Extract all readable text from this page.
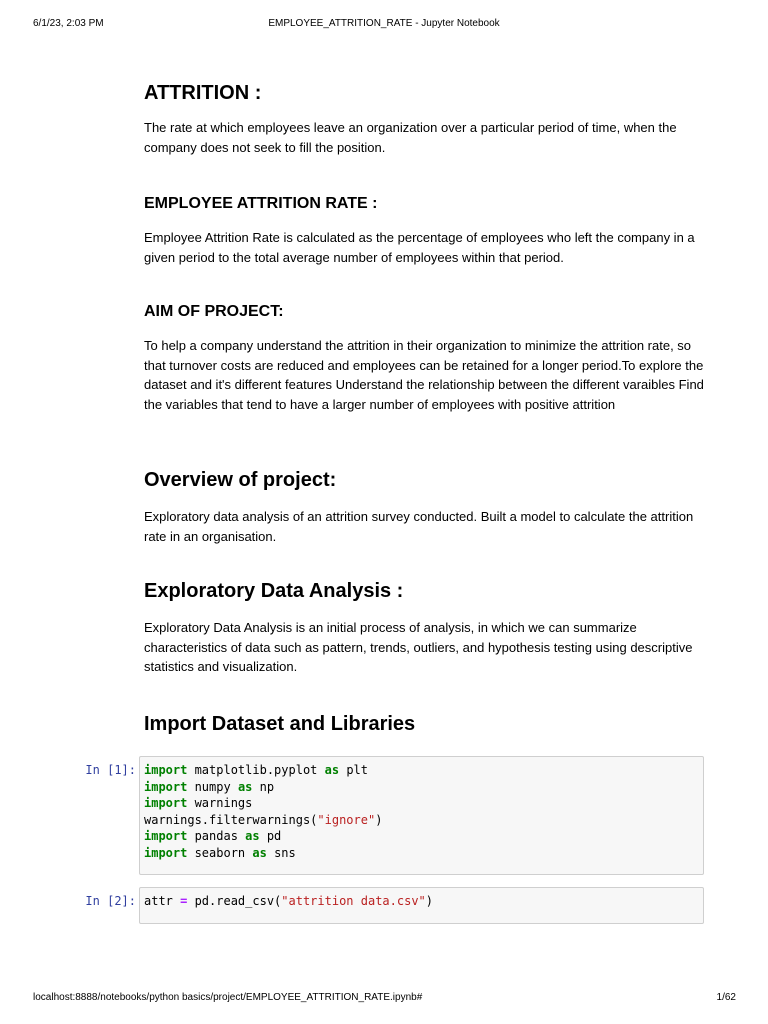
6/1/23, 2:03 PM	EMPLOYEE_ATTRITION_RATE - Jupyter Notebook
ATTRITION :

The rate at which employees leave an organization over a particular period of time, when the company does not seek to fill the position.

EMPLOYEE ATTRITION RATE :

Employee Attrition Rate is calculated as the percentage of employees who left the company in a given period to the total average number of employees within that period.

AIM OF PROJECT:

To help a company understand the attrition in their organization to minimize the attrition rate, so that turnover costs are reduced and employees can be retained for a longer period.To explore the dataset and it's different features Understand the relationship between the different varaibles Find the variables that tend to have a larger number of employees with positive attrition

Overview of project:

Exploratory data analysis of an attrition survey conducted. Built a model to calculate the attrition rate in an organisation.

Exploratory Data Analysis :

Exploratory Data Analysis is an initial process of analysis, in which we can summarize characteristics of data such as pattern, trends, outliers, and hypothesis testing using descriptive statistics and visualization.

Import Dataset and Libraries
In [1]: import matplotlib.pyplot as plt
import numpy as np
import warnings
warnings.filterwarnings("ignore")
import pandas as pd
import seaborn as sns
In [2]: attr = pd.read_csv("attrition data.csv")
localhost:8888/notebooks/python basics/project/EMPLOYEE_ATTRITION_RATE.ipynb#	1/62
